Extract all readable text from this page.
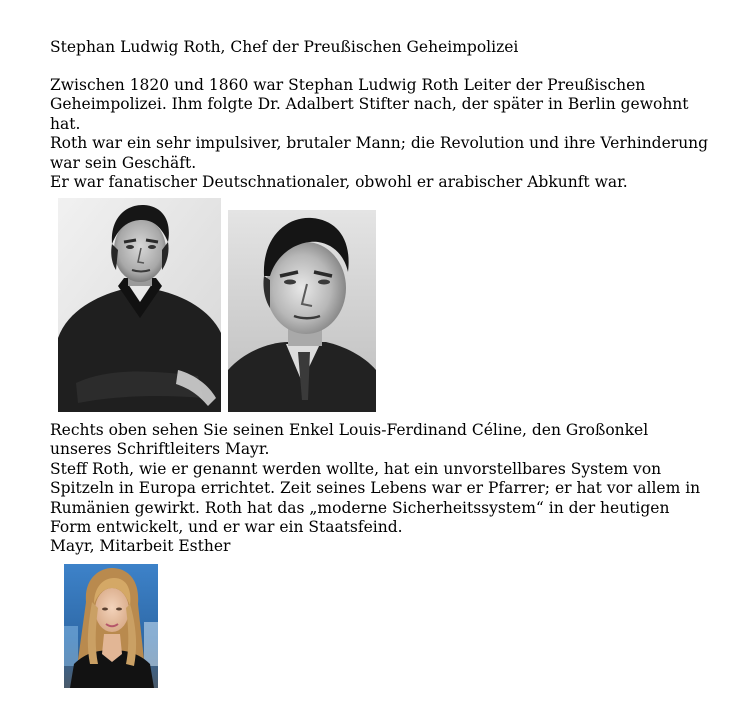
Stephan Ludwig Roth, Chef der Preußischen Geheimpolizei

Zwischen 1820 und 1860 war Stephan Ludwig Roth Leiter der Preußischen Geheimpolizei. Ihm folgte Dr. Adalbert Stifter nach, der später in Berlin gewohnt hat.

Roth war ein sehr impulsiver, brutaler Mann; die Revolution und ihre Verhinderung war sein Geschäft.

Er war fanatischer Deutschnationaler, obwohl er arabischer Abkunft war.

Rechts oben sehen Sie seinen Enkel Louis-Ferdinand Céline, den Großonkel unseres Schriftleiters Mayr.

Steff Roth, wie er genannt werden wollte, hat ein unvorstellbares System von Spitzeln in Europa errichtet. Zeit seines Lebens war er Pfarrer; er hat vor allem in Rumänien gewirkt. Roth hat das „moderne Sicherheitssystem“ in der heutigen Form entwickelt, und er war ein Staatsfeind.

Mayr, Mitarbeit Esther
